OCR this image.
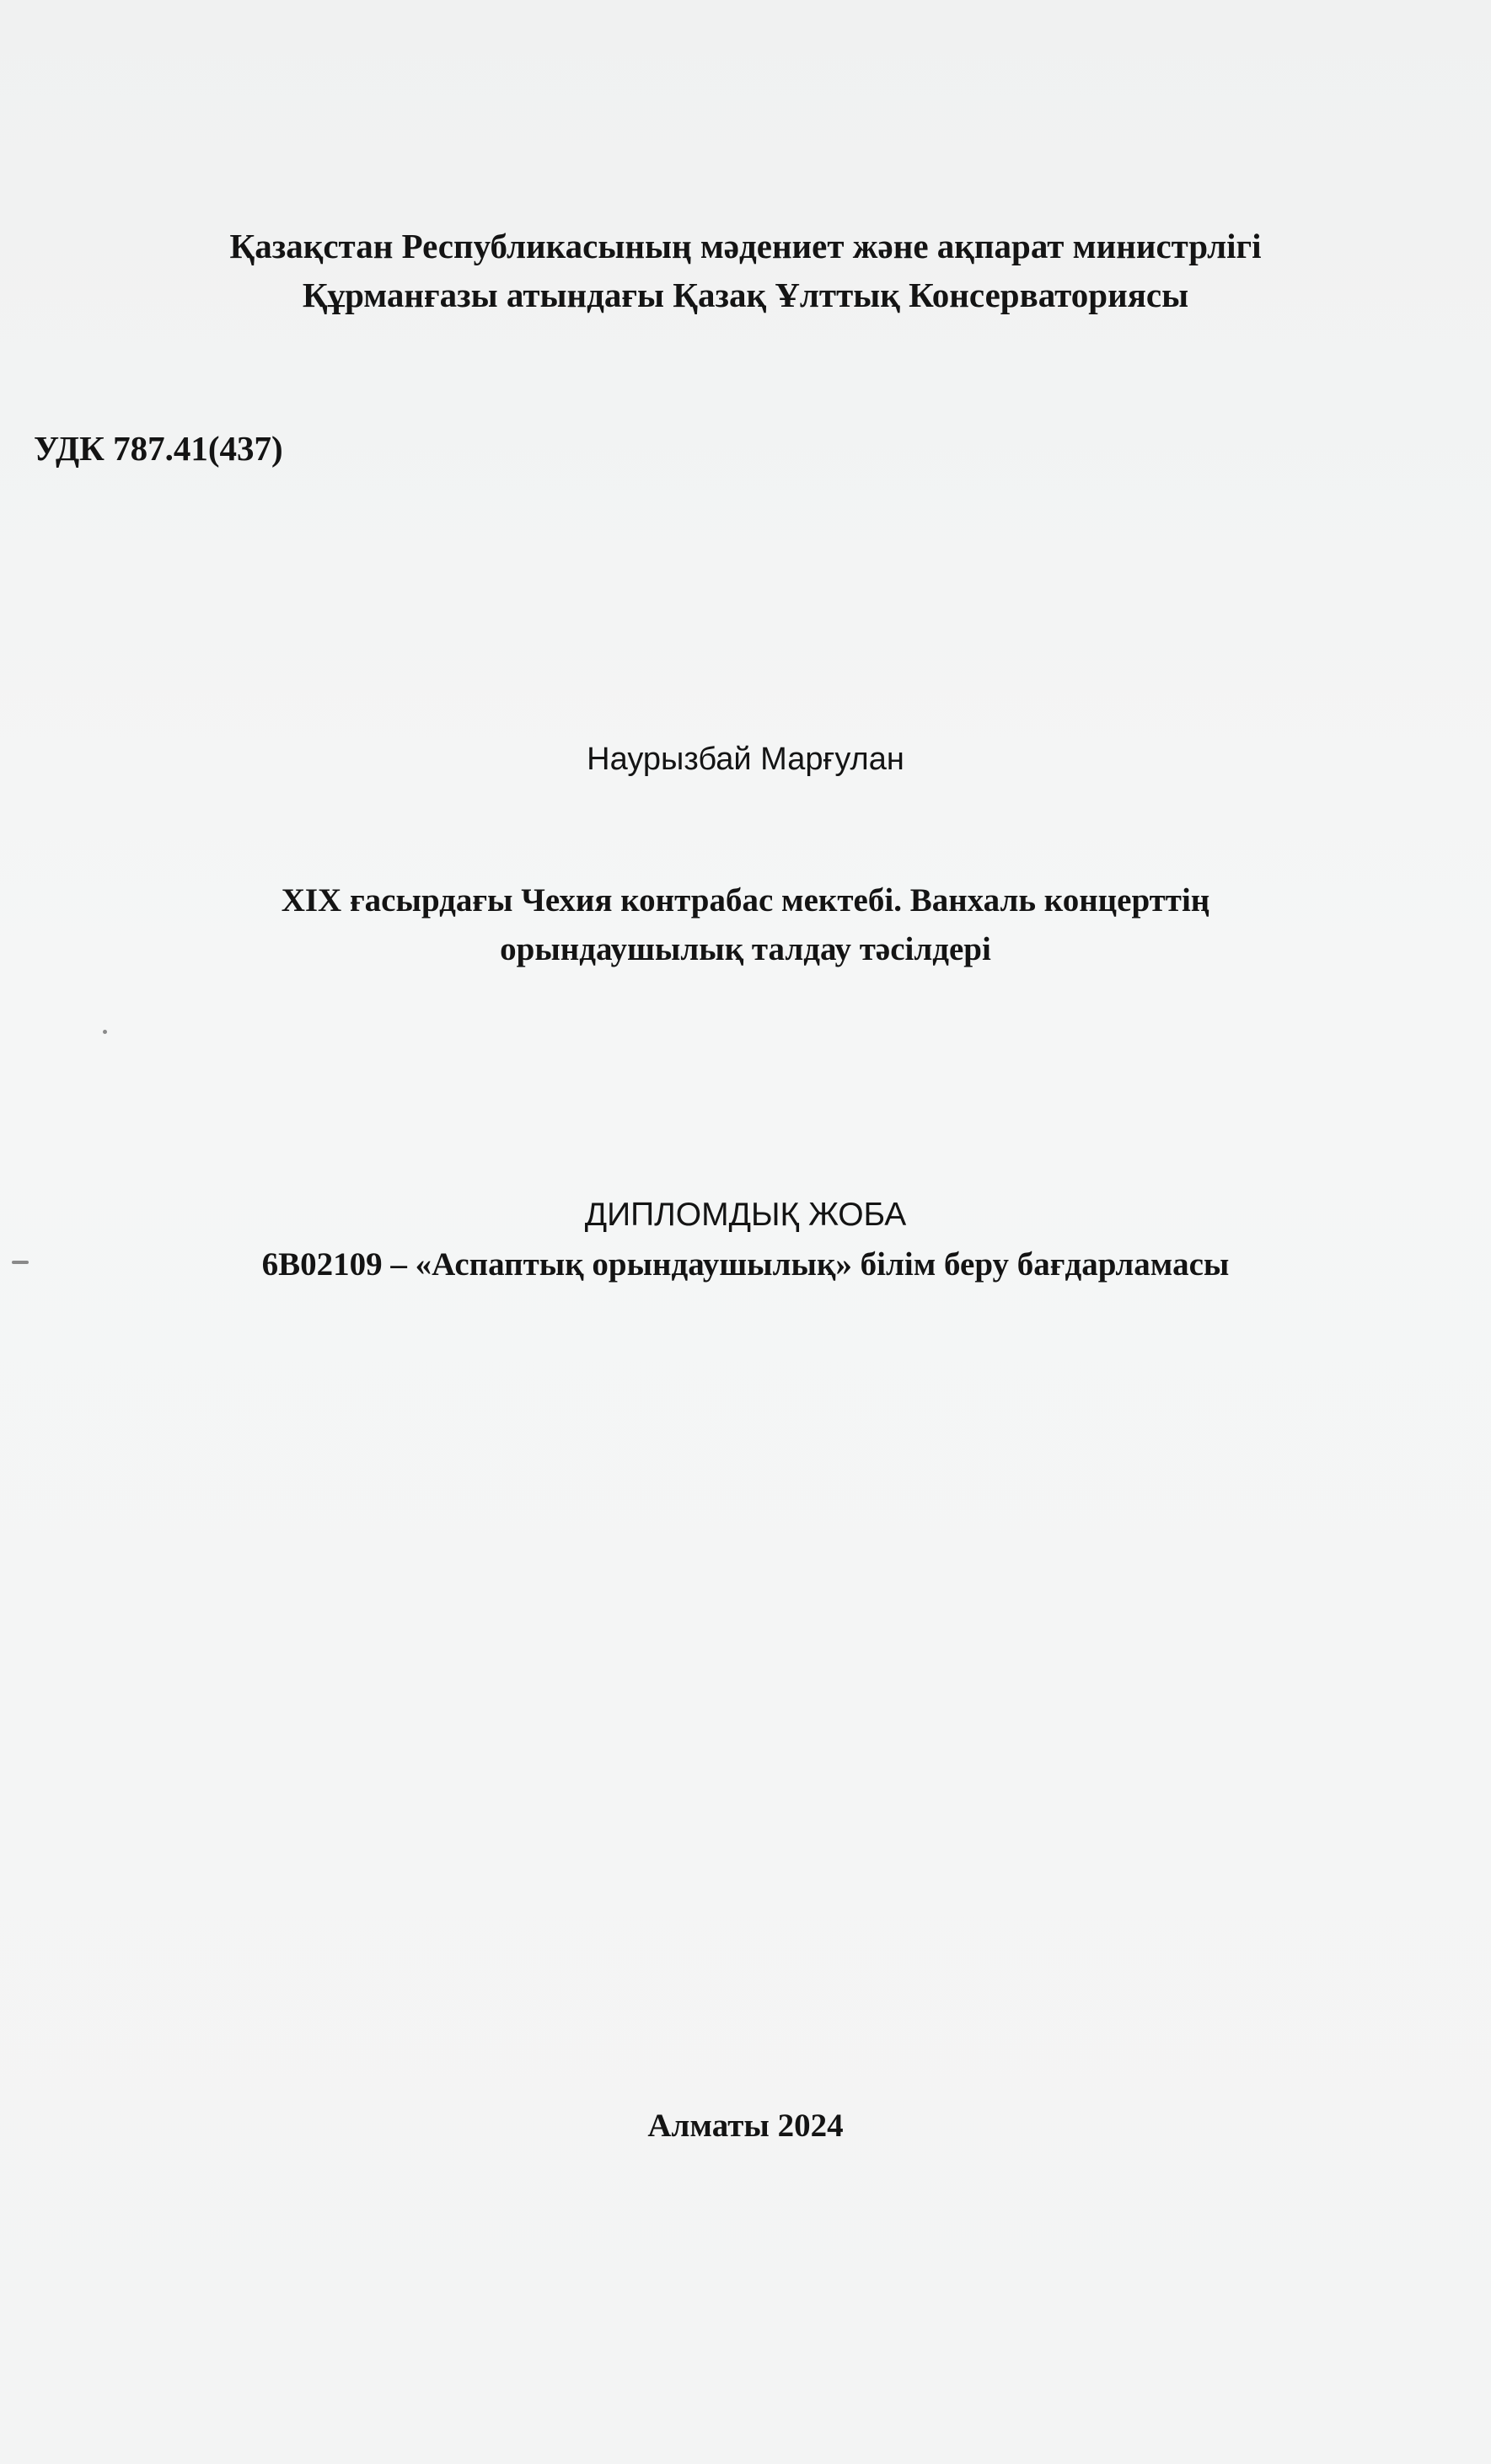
Қазақстан Республикасының мәдениет және ақпарат министрлігі

Құрманғазы атындағы Қазақ Ұлттық Консерваториясы

УДК 787.41(437)

Наурызбай Марғулан

XIX ғасырдағы Чехия контрабас мектебі. Ванхаль концерттің

орындаушылық талдау тәсілдері

ДИПЛОМДЫҚ ЖОБА

6В02109 – «Аспаптық орындаушылық» білім беру бағдарламасы

Алматы 2024
